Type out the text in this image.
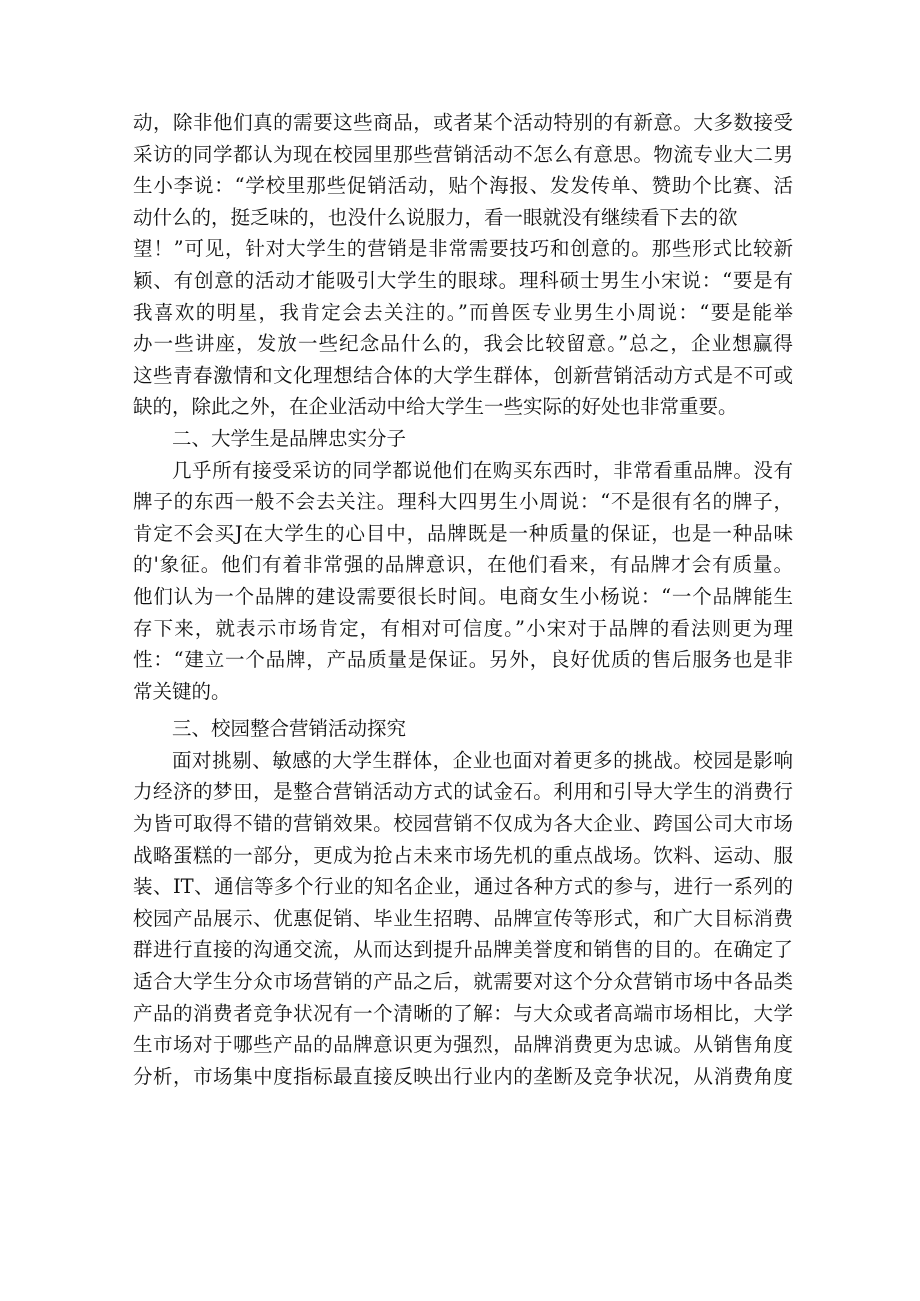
动，除非他们真的需要这些商品，或者某个活动特别的有新意。大多数接受
采访的同学都认为现在校园里那些营销活动不怎么有意思。物流专业大二男
生小李说：“学校里那些促销活动，贴个海报、发发传单、赞助个比赛、活
动什么的，挺乏味的，也没什么说服力，看一眼就没有继续看下去的欲
望！”可见，针对大学生的营销是非常需要技巧和创意的。那些形式比较新
颖、有创意的活动才能吸引大学生的眼球。理科硕士男生小宋说：“要是有
我喜欢的明星，我肯定会去关注的。”而兽医专业男生小周说：“要是能举
办一些讲座，发放一些纪念品什么的，我会比较留意。”总之，企业想赢得
这些青春激情和文化理想结合体的大学生群体，创新营销活动方式是不可或
缺的，除此之外，在企业活动中给大学生一些实际的好处也非常重要。
二、大学生是品牌忠实分子
几乎所有接受采访的同学都说他们在购买东西时，非常看重品牌。没有
牌子的东西一般不会去关注。理科大四男生小周说：“不是很有名的牌子，
肯定不会买J在大学生的心目中，品牌既是一种质量的保证，也是一种品味
的'象征。他们有着非常强的品牌意识，在他们看来，有品牌才会有质量。
他们认为一个品牌的建设需要很长时间。电商女生小杨说：“一个品牌能生
存下来，就表示市场肯定，有相对可信度。”小宋对于品牌的看法则更为理
性：“建立一个品牌，产品质量是保证。另外，良好优质的售后服务也是非
常关键的。
三、校园整合营销活动探究
面对挑剔、敏感的大学生群体，企业也面对着更多的挑战。校园是影响
力经济的梦田，是整合营销活动方式的试金石。利用和引导大学生的消费行
为皆可取得不错的营销效果。校园营销不仅成为各大企业、跨国公司大市场
战略蛋糕的一部分，更成为抢占未来市场先机的重点战场。饮料、运动、服
装、IT、通信等多个行业的知名企业，通过各种方式的参与，进行一系列的
校园产品展示、优惠促销、毕业生招聘、品牌宣传等形式，和广大目标消费
群进行直接的沟通交流，从而达到提升品牌美誉度和销售的目的。在确定了
适合大学生分众市场营销的产品之后，就需要对这个分众营销市场中各品类
产品的消费者竞争状况有一个清晰的了解：与大众或者高端市场相比，大学
生市场对于哪些产品的品牌意识更为强烈，品牌消费更为忠诚。从销售角度
分析，市场集中度指标最直接反映出行业内的垄断及竞争状况，从消费角度
